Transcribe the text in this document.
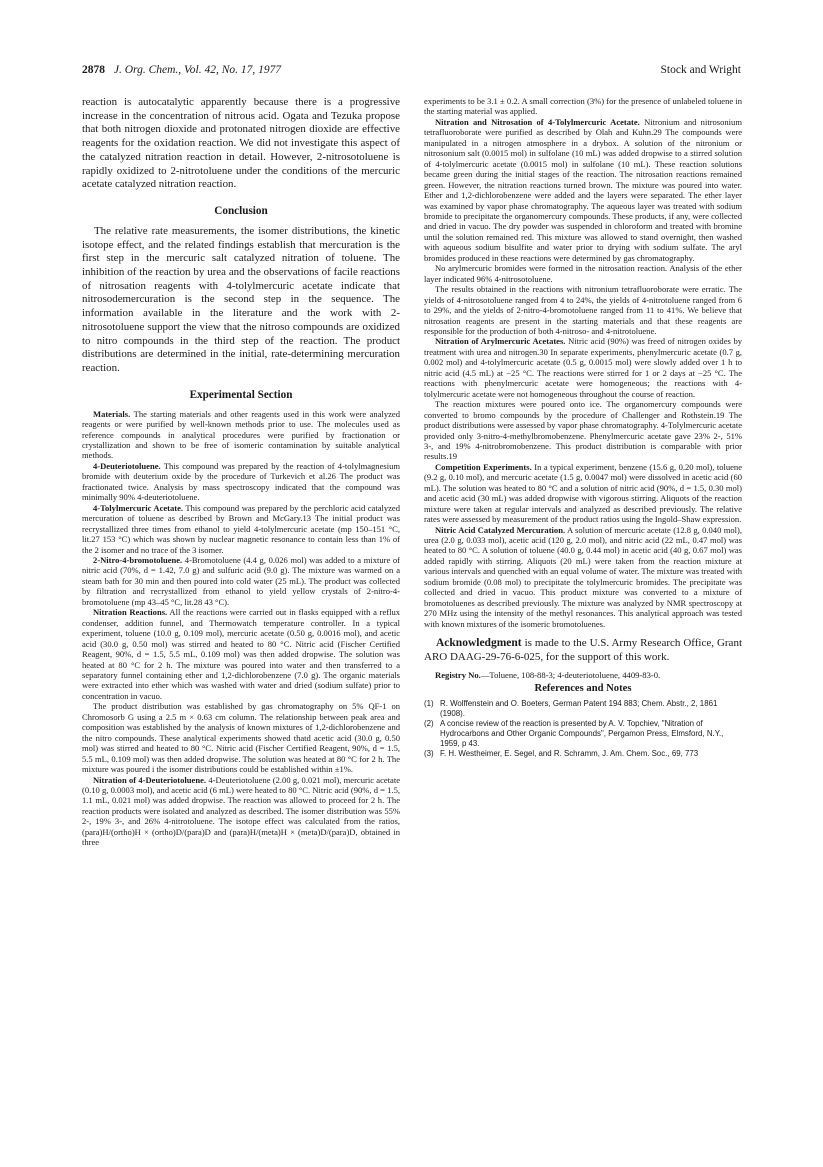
2878 J. Org. Chem., Vol. 42, No. 17, 1977	Stock and Wright

reaction is autocatalytic apparently because there is a progressive increase in the concentration of nitrous acid. Ogata and Tezuka propose that both nitrogen dioxide and protonated nitrogen dioxide are effective reagents for the oxidation reaction. We did not investigate this aspect of the catalyzed nitration reaction in detail. However, 2-nitrosotoluene is rapidly oxidized to 2-nitrotoluene under the conditions of the mercuric acetate catalyzed nitration reaction.

Conclusion

The relative rate measurements, the isomer distributions, the kinetic isotope effect, and the related findings establish that mercuration is the first step in the mercuric salt catalyzed nitration of toluene. The inhibition of the reaction by urea and the observations of facile reactions of nitrosation reagents with 4-tolylmercuric acetate indicate that nitrosodemercuration is the second step in the sequence. The information available in the literature and the work with 2-nitrosotoluene support the view that the nitroso compounds are oxidized to nitro compounds in the third step of the reaction. The product distributions are determined in the initial, rate-determining mercuration reaction.

Experimental Section

Materials. The starting materials and other reagents used in this work were analyzed reagents or were purified by well-known methods prior to use. The molecules used as reference compounds in analytical procedures were purified by fractionation or crystallization and shown to be free of isomeric contamination by suitable analytical methods.

4-Deuteriotoluene. This compound was prepared by the reaction of 4-tolylmagnesium bromide with deuterium oxide by the procedure of Turkevich et al.26 The product was fractionated twice. Analysis by mass spectroscopy indicated that the compound was minimally 90% 4-deuteriotoluene.

4-Tolylmercuric Acetate. This compound was prepared by the perchloric acid catalyzed mercuration of toluene as described by Brown and McGary.13 The initial product was recrystallized three times from ethanol to yield 4-tolylmercuric acetate (mp 150–151 °C, lit.27 153 °C) which was shown by nuclear magnetic resonance to contain less than 1% of the 2 isomer and no trace of the 3 isomer.

2-Nitro-4-bromotoluene. 4-Bromotoluene (4.4 g, 0.026 mol) was added to a mixture of nitric acid (70%, d = 1.42, 7.0 g) and sulfuric acid (9.0 g). The mixture was warmed on a steam bath for 30 min and then poured into cold water (25 mL). The product was collected by filtration and recrystallized from ethanol to yield yellow crystals of 2-nitro-4-bromotoluene (mp 43–45 °C, lit.28 43 °C).

Nitration Reactions. All the reactions were carried out in flasks equipped with a reflux condenser, addition funnel, and Thermowatch temperature controller. In a typical experiment, toluene (10.0 g, 0.109 mol), mercuric acetate (0.50 g, 0.0016 mol), and acetic acid (30.0 g, 0.50 mol) was stirred and heated to 80 °C. Nitric acid (Fischer Certified Reagent, 90%, d = 1.5, 5.5 mL, 0.109 mol) was then added dropwise. The solution was heated at 80 °C for 2 h. The mixture was poured into water and then transferred to a separatory funnel containing ether and 1,2-dichlorobenzene (7.0 g). The organic materials were extracted into ether which was washed with water and dried (sodium sulfate) prior to concentration in vacuo.

The product distribution was established by gas chromatography on 5% QF-1 on Chromosorb G using a 2.5 m × 0.63 cm column. The relationship between peak area and composition was established by the analysis of known mixtures of 1,2-dichlorobenzene and the nitro compounds. These analytical experiments showed thatd acetic acid (30.0 g, 0.50 mol) was stirred and heated to 80 °C. Nitric acid (Fischer Certified Reagent, 90%, d = 1.5, 5.5 mL, 0.109 mol) was then added dropwise. The solution was heated at 80 °C for 2 h. The mixture was poured i the isomer distributions could be established within ±1%.

Nitration of 4-Deuteriotoluene. 4-Deuteriotoluene (2.00 g, 0.021 mol), mercuric acetate (0.10 g, 0.0003 mol), and acetic acid (6 mL) were heated to 80 °C. Nitric acid (90%, d = 1.5, 1.1 mL, 0.021 mol) was added dropwise. The reaction was allowed to proceed for 2 h. The reaction products were isolated and analyzed as described. The isomer distribution was 55% 2-, 19% 3-, and 26% 4-nitrotoluene. The isotope effect was calculated from the ratios, (para)H/(ortho)H × (ortho)D/(para)D and (para)H/(meta)H × (meta)D/(para)D, obtained in three

experiments to be 3.1 ± 0.2. A small correction (3%) for the presence of unlabeled toluene in the starting material was applied.

Nitration and Nitrosation of 4-Tolylmercuric Acetate. Nitronium and nitrosonium tetrafluoroborate were purified as described by Olah and Kuhn.29 The compounds were manipulated in a nitrogen atmosphere in a drybox. A solution of the nitronium or nitrosonium salt (0.0015 mol) in sulfolane (10 mL) was added dropwise to a stirred solution of 4-tolylmercuric acetate (0.0015 mol) in sulfolane (10 mL). These reaction solutions became green during the initial stages of the reaction. The nitrosation reactions remained green. However, the nitration reactions turned brown. The mixture was poured into water. Ether and 1,2-dichlorobenzene were added and the layers were separated. The ether layer was examined by vapor phase chromatography. The aqueous layer was treated with sodium bromide to precipitate the organomercury compounds. These products, if any, were collected and dried in vacuo. The dry powder was suspended in chloroform and treated with bromine until the solution remained red. This mixture was allowed to stand overnight, then washed with aqueous sodium bisulfite and water prior to drying with sodium sulfate. The aryl bromides produced in these reactions were determined by gas chromatography.

No arylmercuric bromides were formed in the nitrosation reaction. Analysis of the ether layer indicated 96% 4-nitrosotoluene.

The results obtained in the reactions with nitronium tetrafluoroborate were erratic. The yields of 4-nitrosotoluene ranged from 4 to 24%, the yields of 4-nitrotoluene ranged from 6 to 29%, and the yields of 2-nitro-4-bromotoluene ranged from 11 to 41%. We believe that nitrosation reagents are present in the starting materials and that these reagents are responsible for the production of both 4-nitroso- and 4-nitrotoluene.

Nitration of Arylmercuric Acetates. Nitric acid (90%) was freed of nitrogen oxides by treatment with urea and nitrogen.30 In separate experiments, phenylmercuric acetate (0.7 g, 0.002 mol) and 4-tolylmercuric acetate (0.5 g, 0.0015 mol) were slowly added over 1 h to nitric acid (4.5 mL) at −25 °C. The reactions were stirred for 1 or 2 days at −25 °C. The reactions with phenylmercuric acetate were homogeneous; the reactions with 4-tolylmercuric acetate were not homogeneous throughout the course of reaction.

The reaction mixtures were poured onto ice. The organomercury compounds were converted to bromo compounds by the procedure of Challenger and Rothstein.19 The product distributions were assessed by vapor phase chromatography. 4-Tolylmercuric acetate provided only 3-nitro-4-methylbromobenzene. Phenylmercuric acetate gave 23% 2-, 51% 3-, and 19% 4-nitrobromobenzene. This product distribution is comparable with prior results.19

Competition Experiments. In a typical experiment, benzene (15.6 g, 0.20 mol), toluene (9.2 g, 0.10 mol), and mercuric acetate (1.5 g, 0.0047 mol) were dissolved in acetic acid (60 mL). The solution was heated to 80 °C and a solution of nitric acid (90%, d = 1.5, 0.30 mol) and acetic acid (30 mL) was added dropwise with vigorous stirring. Aliquots of the reaction mixture were taken at regular intervals and analyzed as described previously. The relative rates were assessed by measurement of the product ratios using the Ingold–Shaw expression.

Nitric Acid Catalyzed Mercuration. A solution of mercuric acetate (12.8 g, 0.040 mol), urea (2.0 g, 0.033 mol), acetic acid (120 g, 2.0 mol), and nitric acid (22 mL, 0.47 mol) was heated to 80 °C. A solution of toluene (40.0 g, 0.44 mol) in acetic acid (40 g, 0.67 mol) was added rapidly with stirring. Aliquots (20 mL) were taken from the reaction mixture at various intervals and quenched with an equal volume of water. The mixture was treated with sodium bromide (0.08 mol) to precipitate the tolylmercuric bromides. The precipitate was collected and dried in vacuo. This product mixture was converted to a mixture of bromotoluenes as described previously. The mixture was analyzed by NMR spectroscopy at 270 MHz using the intensity of the methyl resonances. This analytical approach was tested with known mixtures of the isomeric bromotoluenes.

Acknowledgment is made to the U.S. Army Research Office, Grant ARO DAAG-29-76-6-025, for the support of this work.

Registry No.—Toluene, 108-88-3; 4-deuteriotoluene, 4409-83-0.

References and Notes
(1) R. Wolffenstein and O. Boeters, German Patent 194 883; Chem. Abstr., 2, 1861 (1908).
(2) A concise review of the reaction is presented by A. V. Topchiev, "Nitration of Hydrocarbons and Other Organic Compounds", Pergamon Press, Elmsford, N.Y., 1959, p 43.
(3) F. H. Westheimer, E. Segel, and R. Schramm, J. Am. Chem. Soc., 69, 773
